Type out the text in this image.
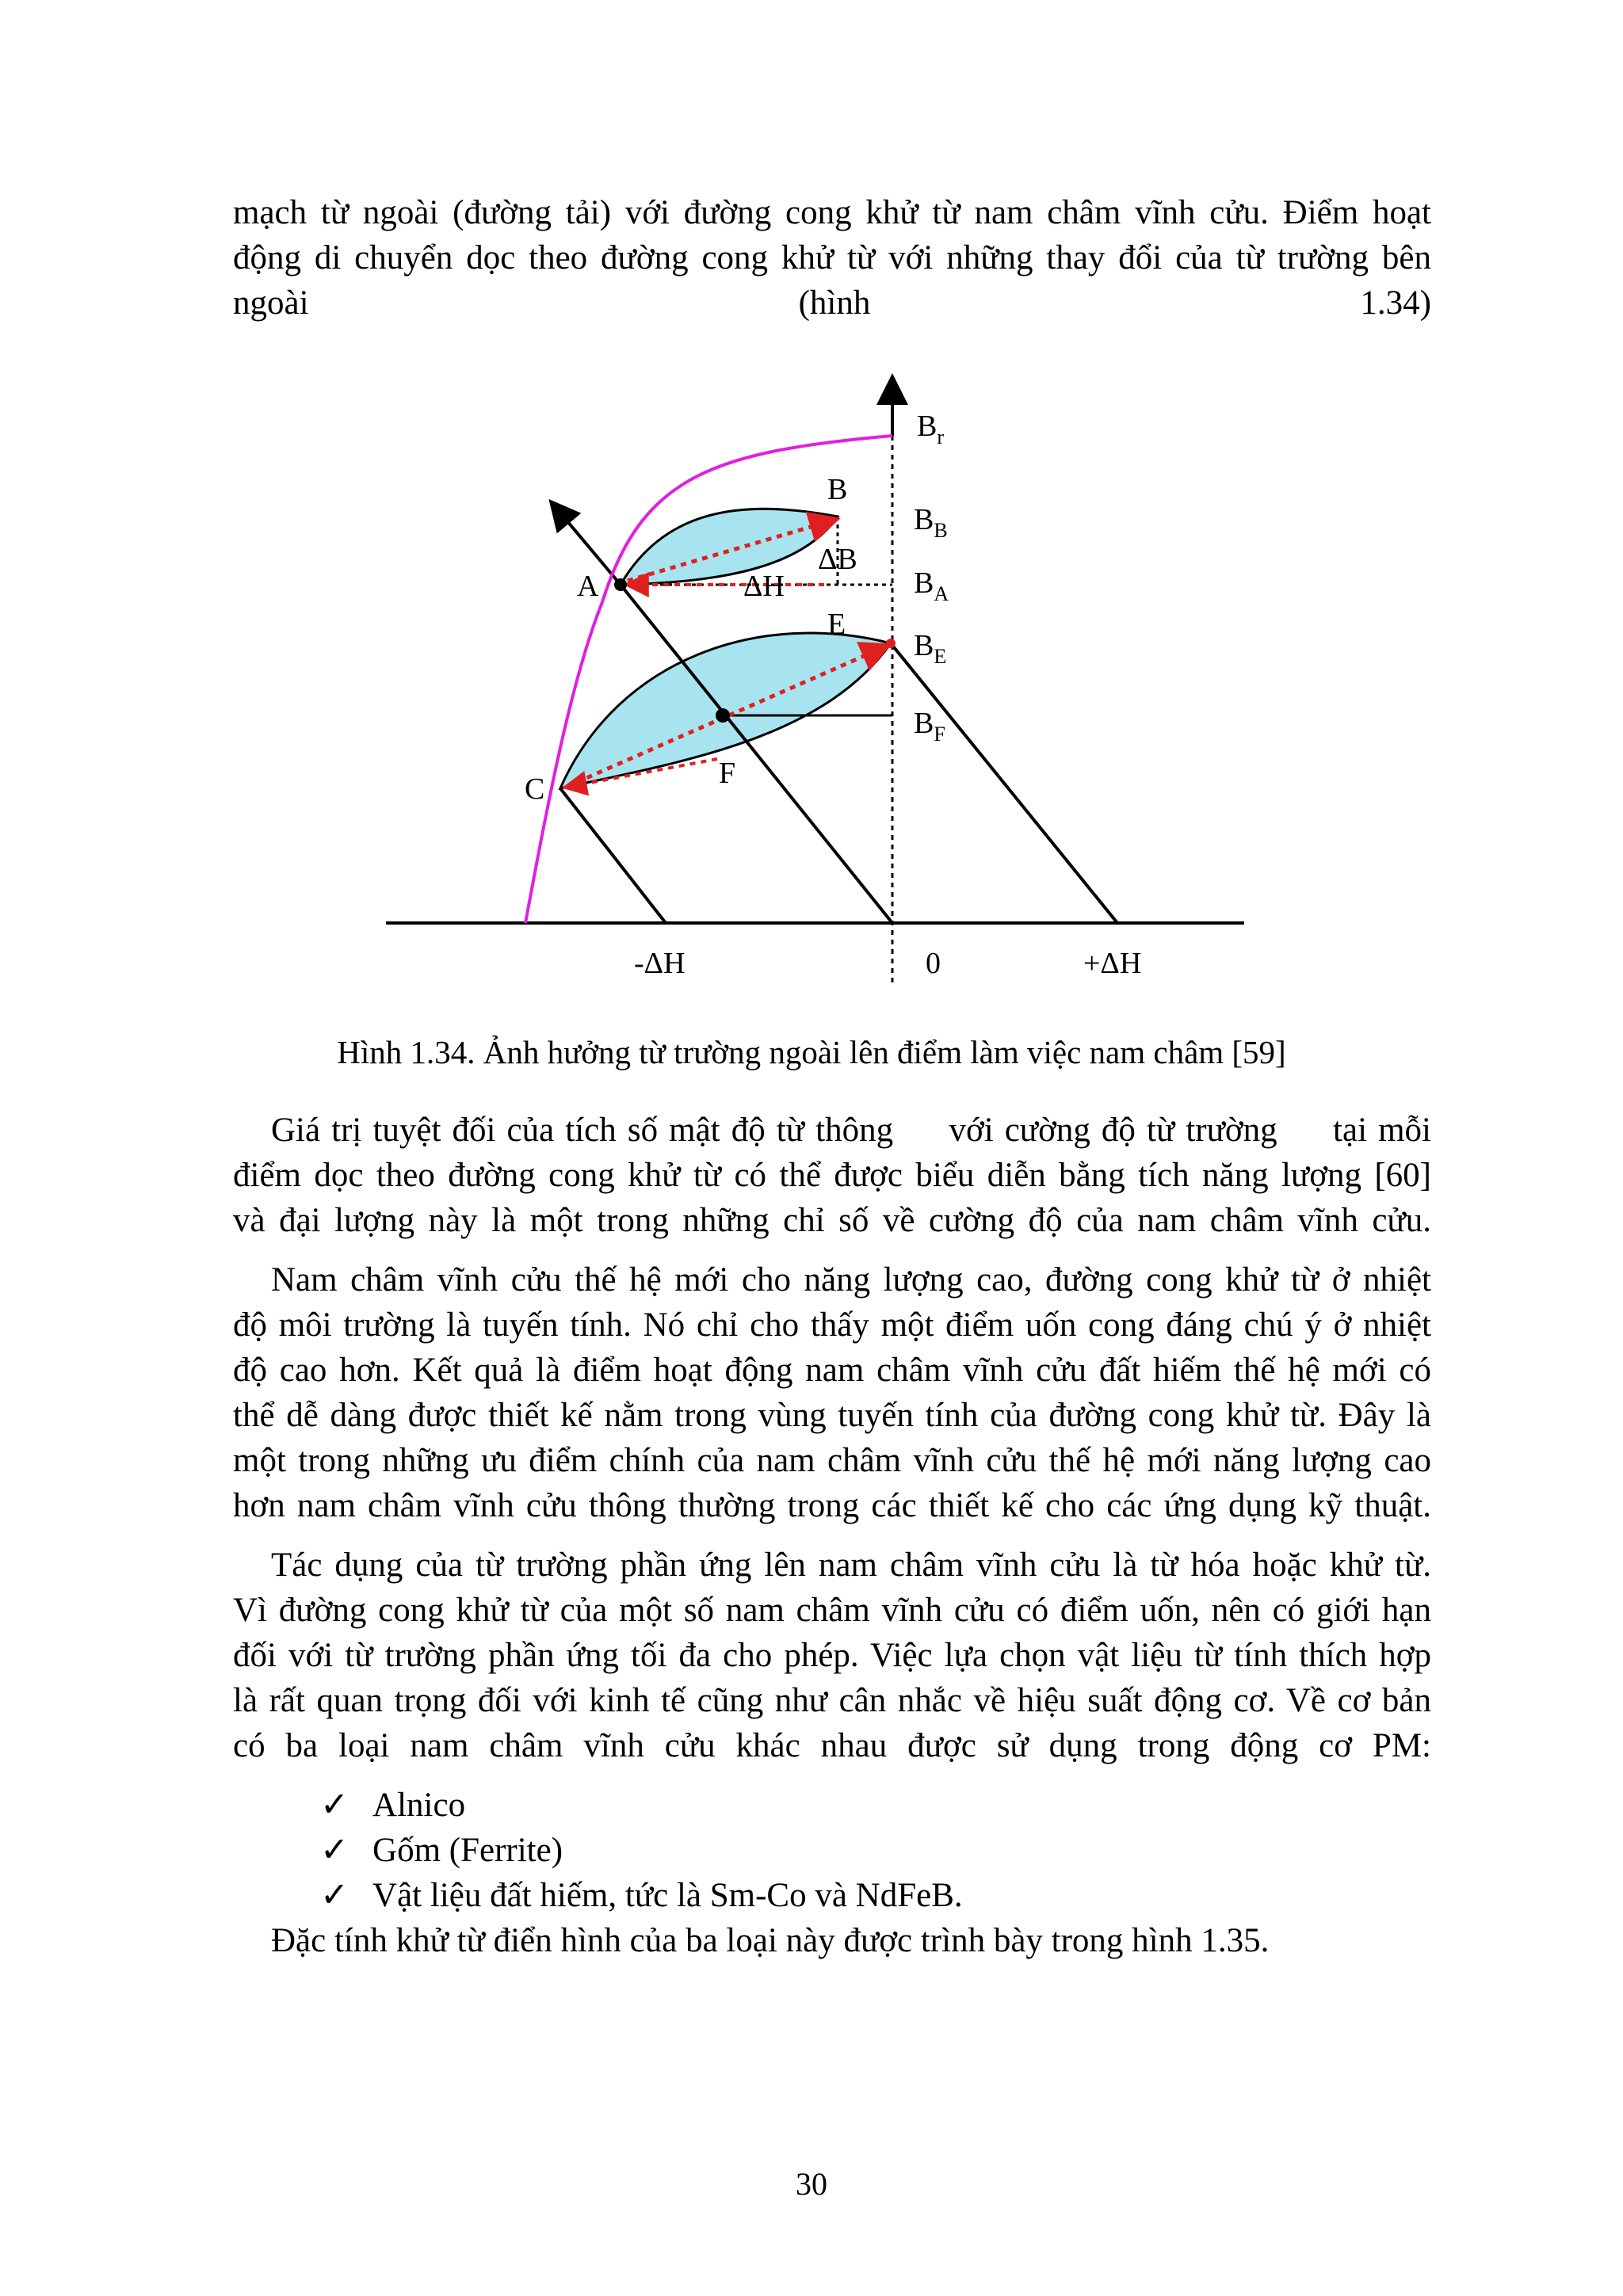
mạch từ ngoài (đường tải) với đường cong khử từ nam châm vĩnh cửu. Điểm hoạt
động di chuyển dọc theo đường cong khử từ với những thay đổi của từ trường bên
ngoài (hình 1.34)
$B_r$
$B_B$
$B_A$
$B_E$
$B_F$
A
B
C
E
F
ΔB
ΔH
-ΔH	0	+ΔH
Hình 1.34. Ảnh hưởng từ trường ngoài lên điểm làm việc nam châm [59]
Giá trị tuyệt đối của tích số mật độ từ thông     với cường độ từ trường     tại mỗi
điểm dọc theo đường cong khử từ có thể được biểu diễn bằng tích năng lượng [60]
và đại lượng này là một trong những chỉ số về cường độ của nam châm vĩnh cửu.
Nam châm vĩnh cửu thế hệ mới cho năng lượng cao, đường cong khử từ ở nhiệt
độ môi trường là tuyến tính. Nó chỉ cho thấy một điểm uốn cong đáng chú ý ở nhiệt
độ cao hơn. Kết quả là điểm hoạt động nam châm vĩnh cửu đất hiếm thế hệ mới có
thể dễ dàng được thiết kế nằm trong vùng tuyến tính của đường cong khử từ. Đây là
một trong những ưu điểm chính của nam châm vĩnh cửu thế hệ mới năng lượng cao
hơn nam châm vĩnh cửu thông thường trong các thiết kế cho các ứng dụng kỹ thuật.
Tác dụng của từ trường phần ứng lên nam châm vĩnh cửu là từ hóa hoặc khử từ.
Vì đường cong khử từ của một số nam châm vĩnh cửu có điểm uốn, nên có giới hạn
đối với từ trường phần ứng tối đa cho phép. Việc lựa chọn vật liệu từ tính thích hợp
là rất quan trọng đối với kinh tế cũng như cân nhắc về hiệu suất động cơ. Về cơ bản
có ba loại nam châm vĩnh cửu khác nhau được sử dụng trong động cơ PM:
✓ Alnico
✓ Gốm (Ferrite)
✓ Vật liệu đất hiếm, tức là Sm-Co và NdFeB.
Đặc tính khử từ điển hình của ba loại này được trình bày trong hình 1.35.
30
